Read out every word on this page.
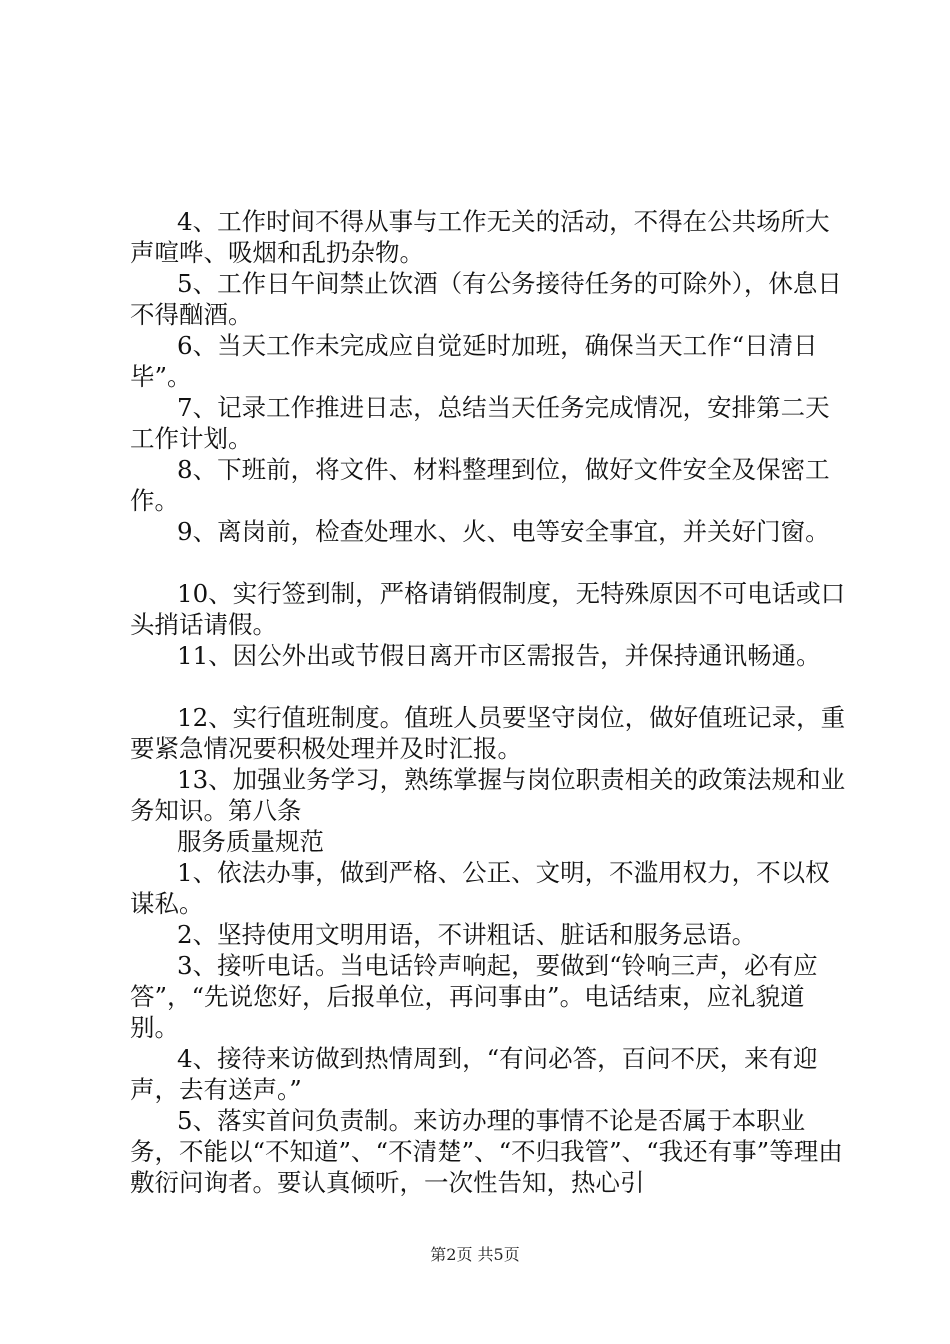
4、工作时间不得从事与工作无关的活动，不得在公共场所大声喧哗、吸烟和乱扔杂物。

5、工作日午间禁止饮酒（有公务接待任务的可除外），休息日不得酗酒。

6、当天工作未完成应自觉延时加班，确保当天工作“日清日毕”。

7、记录工作推进日志，总结当天任务完成情况，安排第二天工作计划。

8、下班前，将文件、材料整理到位，做好文件安全及保密工作。

9、离岗前，检查处理水、火、电等安全事宜，并关好门窗。

10、实行签到制，严格请销假制度，无特殊原因不可电话或口头捎话请假。

11、因公外出或节假日离开市区需报告，并保持通讯畅通。

12、实行值班制度。值班人员要坚守岗位，做好值班记录，重要紧急情况要积极处理并及时汇报。

13、加强业务学习，熟练掌握与岗位职责相关的政策法规和业务知识。第八条

服务质量规范

1、依法办事，做到严格、公正、文明，不滥用权力，不以权谋私。

2、坚持使用文明用语，不讲粗话、脏话和服务忌语。

3、接听电话。当电话铃声响起，要做到“铃响三声，必有应答”，“先说您好，后报单位，再问事由”。电话结束，应礼貌道别。

4、接待来访做到热情周到，“有问必答，百问不厌，来有迎声，去有送声。”

5、落实首问负责制。来访办理的事情不论是否属于本职业务，不能以“不知道”、“不清楚”、“不归我管”、“我还有事”等理由敷衍问询者。要认真倾听，一次性告知，热心引

第2页 共5页
